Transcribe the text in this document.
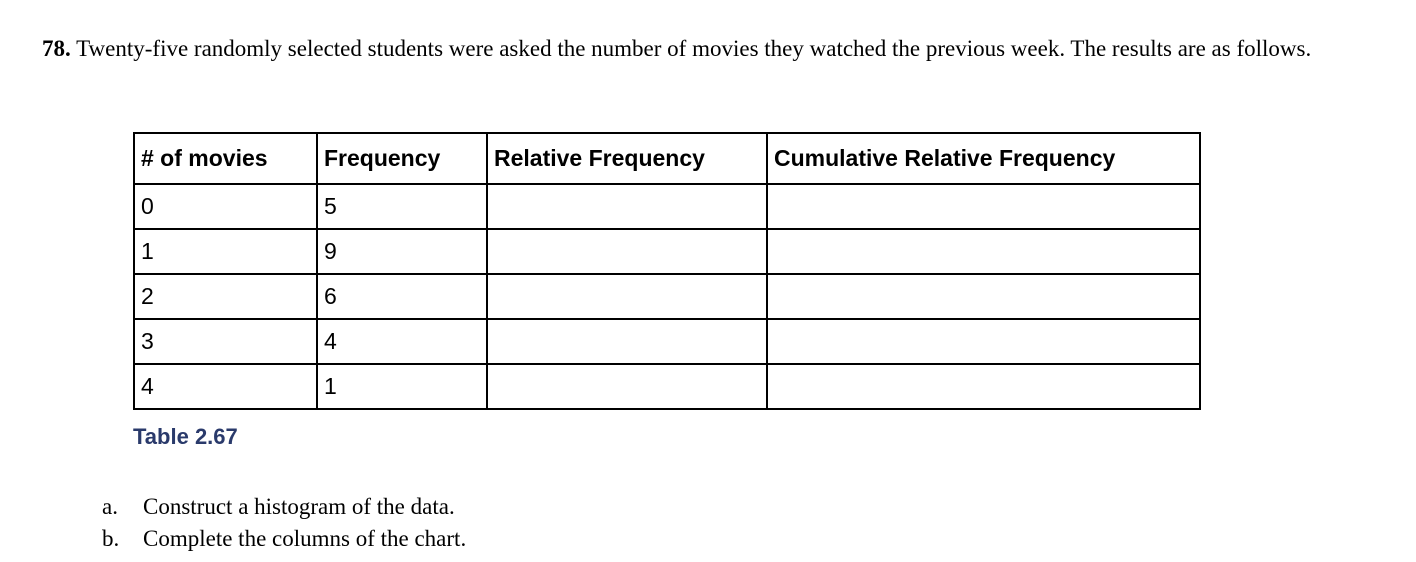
78. Twenty-five randomly selected students were asked the number of movies they watched the previous week. The results are as follows.

# of movies	Frequency	Relative Frequency	Cumulative Relative Frequency
0	5		
1	9		
2	6		
3	4		
4	1		

Table 2.67

a.	Construct a histogram of the data.
b.	Complete the columns of the chart.
